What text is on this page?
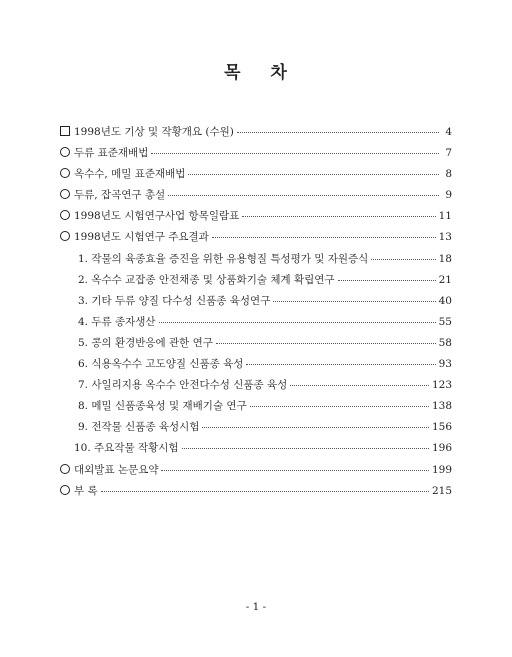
목 차
1998년도 기상 및 작황개요 (수원)	4
두류 표준재배법	7
옥수수, 메밀 표준재배법	8
두류, 잡곡연구 총설	9
1998년도 시험연구사업 항목일람표	11
1998년도 시험연구 주요결과	13
1. 작물의 육종효율 증진을 위한 유용형질 특성평가 및 자원증식	18
2. 옥수수 교잡종 안전채종 및 상품화기술 체계 확립연구	21
3. 기타 두류 양질 다수성 신품종 육성연구	40
4. 두류 종자생산	55
5. 콩의 환경반응에 관한 연구	58
6. 식용옥수수 고도양질 신품종 육성	93
7. 사일리지용 옥수수 안전다수성 신품종 육성	123
8. 메밀 신품종육성 및 재배기술 연구	138
9. 전작물 신품종 육성시험	156
10. 주요작물 작황시험	196
대외발표 논문요약	199
부 록	215
- 1 -
